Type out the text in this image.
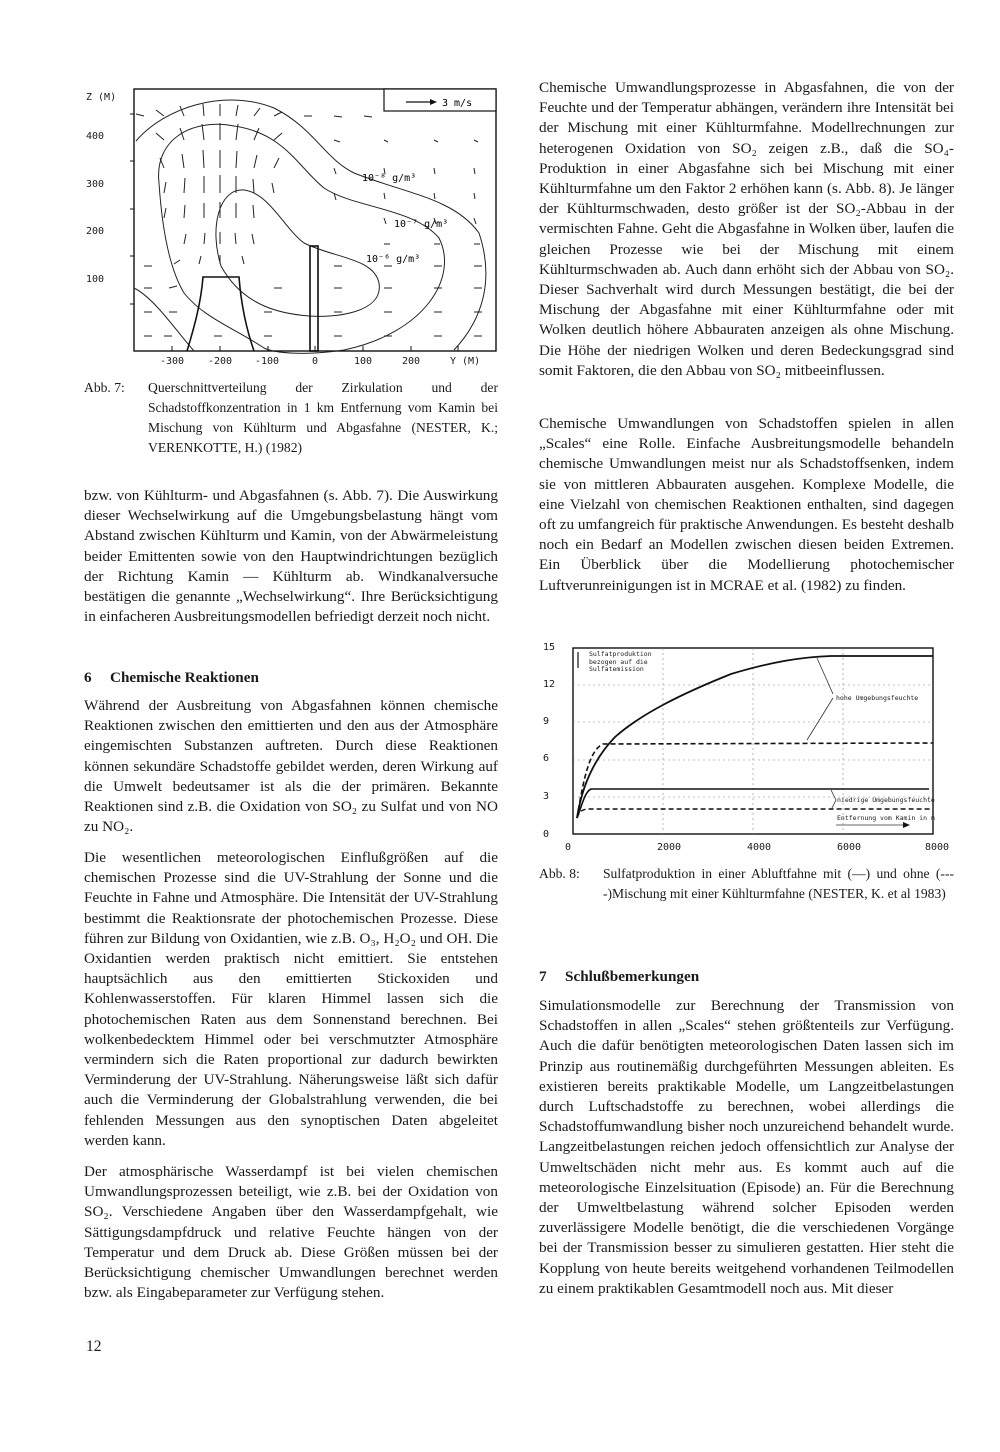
10⁻⁸ g/m³
10⁻⁷ g/m³
10⁻⁶ g/m³
3 m/s
Z (M)
400
300
200
100
-300 -200 -100	0	100	200	Y (M)
Abb. 7: Querschnittverteilung der Zirkulation und der Schadstoffkonzentration in 1 km Entfernung vom Kamin bei Mischung von Kühlturm und Abgasfahne (NESTER, K.; VERENKOTTE, H.) (1982)

bzw. von Kühlturm- und Abgasfahnen (s. Abb. 7). Die Auswirkung dieser Wechselwirkung auf die Umgebungsbelastung hängt vom Abstand zwischen Kühlturm und Kamin, von der Abwärmeleistung beider Emittenten sowie von den Hauptwindrichtungen bezüglich der Richtung Kamin — Kühlturm ab. Windkanalversuche bestätigen die genannte „Wechselwirkung“. Ihre Berücksichtigung in einfacheren Ausbreitungsmodellen befriedigt derzeit noch nicht.

6 Chemische Reaktionen

Während der Ausbreitung von Abgasfahnen können chemische Reaktionen zwischen den emittierten und den aus der Atmosphäre eingemischten Substanzen auftreten. Durch diese Reaktionen können sekundäre Schadstoffe gebildet werden, deren Wirkung auf die Umwelt bedeutsamer ist als die der primären. Bekannte Reaktionen sind z.B. die Oxidation von SO₂ zu Sulfat und von NO zu NO₂.

Die wesentlichen meteorologischen Einflußgrößen auf die chemischen Prozesse sind die UV-Strahlung der Sonne und die Feuchte in Fahne und Atmosphäre. Die Intensität der UV-Strahlung bestimmt die Reaktionsrate der photochemischen Prozesse. Diese führen zur Bildung von Oxidantien, wie z.B. O₃, H₂O₂ und OH. Die Oxidantien werden praktisch nicht emittiert. Sie entstehen hauptsächlich aus den emittierten Stickoxiden und Kohlenwasserstoffen. Für klaren Himmel lassen sich die photochemischen Raten aus dem Sonnenstand berechnen. Bei wolkenbedecktem Himmel oder bei verschmutzter Atmosphäre vermindern sich die Raten proportional zur dadurch bewirkten Verminderung der UV-Strahlung. Näherungsweise läßt sich dafür auch die Verminderung der Globalstrahlung verwenden, die bei fehlenden Messungen aus den synoptischen Daten abgeleitet werden kann.

Der atmosphärische Wasserdampf ist bei vielen chemischen Umwandlungsprozessen beteiligt, wie z.B. bei der Oxidation von SO₂. Verschiedene Angaben über den Wasserdampfgehalt, wie Sättigungsdampfdruck und relative Feuchte hängen von der Temperatur und dem Druck ab. Diese Größen müssen bei der Berücksichtigung chemischer Umwandlungen berechnet werden bzw. als Eingabeparameter zur Verfügung stehen.

12

Chemische Umwandlungsprozesse in Abgasfahnen, die von der Feuchte und der Temperatur abhängen, verändern ihre Intensität bei der Mischung mit einer Kühlturmfahne. Modellrechnungen zur heterogenen Oxidation von SO₂ zeigen z.B., daß die SO₄-Produktion in einer Abgasfahne sich bei Mischung mit einer Kühlturmfahne um den Faktor 2 erhöhen kann (s. Abb. 8). Je länger der Kühlturmschwaden, desto größer ist der SO₂-Abbau in der vermischten Fahne. Geht die Abgasfahne in Wolken über, laufen die gleichen Prozesse wie bei der Mischung mit einem Kühlturmschwaden ab. Auch dann erhöht sich der Abbau von SO₂. Dieser Sachverhalt wird durch Messungen bestätigt, die bei der Mischung der Abgasfahne mit einer Kühlturmfahne oder mit Wolken deutlich höhere Abbauraten anzeigen als ohne Mischung. Die Höhe der niedrigen Wolken und deren Bedeckungsgrad sind somit Faktoren, die den Abbau von SO₂ mitbeeinflussen.

Chemische Umwandlungen von Schadstoffen spielen in allen „Scales“ eine Rolle. Einfache Ausbreitungsmodelle behandeln chemische Umwandlungen meist nur als Schadstoffsenken, indem sie von mittleren Abbauraten ausgehen. Komplexe Modelle, die eine Vielzahl von chemischen Reaktionen enthalten, sind dagegen oft zu umfangreich für praktische Anwendungen. Es besteht deshalb noch ein Bedarf an Modellen zwischen diesen beiden Extremen. Ein Überblick über die Modellierung photochemischer Luftverunreinigungen ist in MCRAE et al. (1982) zu finden.

15
12
9
6
3
0
0	2000	4000	6000	8000
Sulfatproduktion bezogen auf die Sulfatemission
hohe Umgebungsfeuchte
niedrige Umgebungsfeuchte
Entfernung vom Kamin in m
Abb. 8: Sulfatproduktion in einer Abluftfahne mit (—) und ohne (----)Mischung mit einer Kühlturmfahne (NESTER, K. et al 1983)
7 Schlußbemerkungen

Simulationsmodelle zur Berechnung der Transmission von Schadstoffen in allen „Scales“ stehen größtenteils zur Verfügung. Auch die dafür benötigten meteorologischen Daten lassen sich im Prinzip aus routinemäßig durchgeführten Messungen ableiten. Es existieren bereits praktikable Modelle, um Langzeitbelastungen durch Luftschadstoffe zu berechnen, wobei allerdings die Schadstoffumwandlung bisher noch unzureichend behandelt wurde. Langzeitbelastungen reichen jedoch offensichtlich zur Analyse der Umweltschäden nicht mehr aus. Es kommt auch auf die meteorologische Einzelsituation (Episode) an. Für die Berechnung der Umweltbelastung während solcher Episoden werden zuverlässigere Modelle benötigt, die die verschiedenen Vorgänge bei der Transmission besser zu simulieren gestatten. Hier steht die Kopplung von heute bereits weitgehend vorhandenen Teilmodellen zu einem praktikablen Gesamtmodell noch aus. Mit dieser
